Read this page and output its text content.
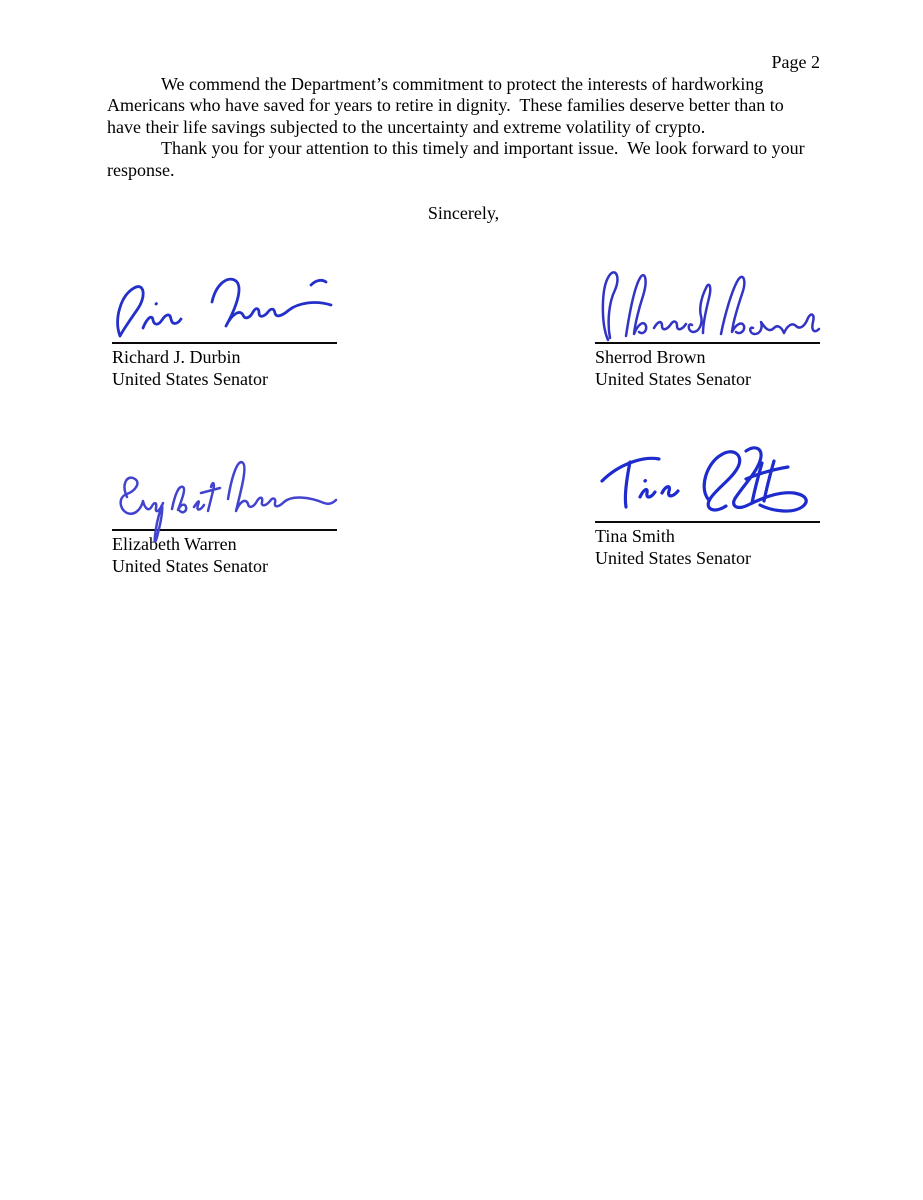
Page 2

We commend the Department’s commitment to protect the interests of hardworking Americans who have saved for years to retire in dignity.  These families deserve better than to have their life savings subjected to the uncertainty and extreme volatility of crypto.

Thank you for your attention to this timely and important issue.  We look forward to your response.

Sincerely,

Richard J. Durbin
United States Senator
Sherrod Brown
United States Senator
Elizabeth Warren
United States Senator
Tina Smith
United States Senator
